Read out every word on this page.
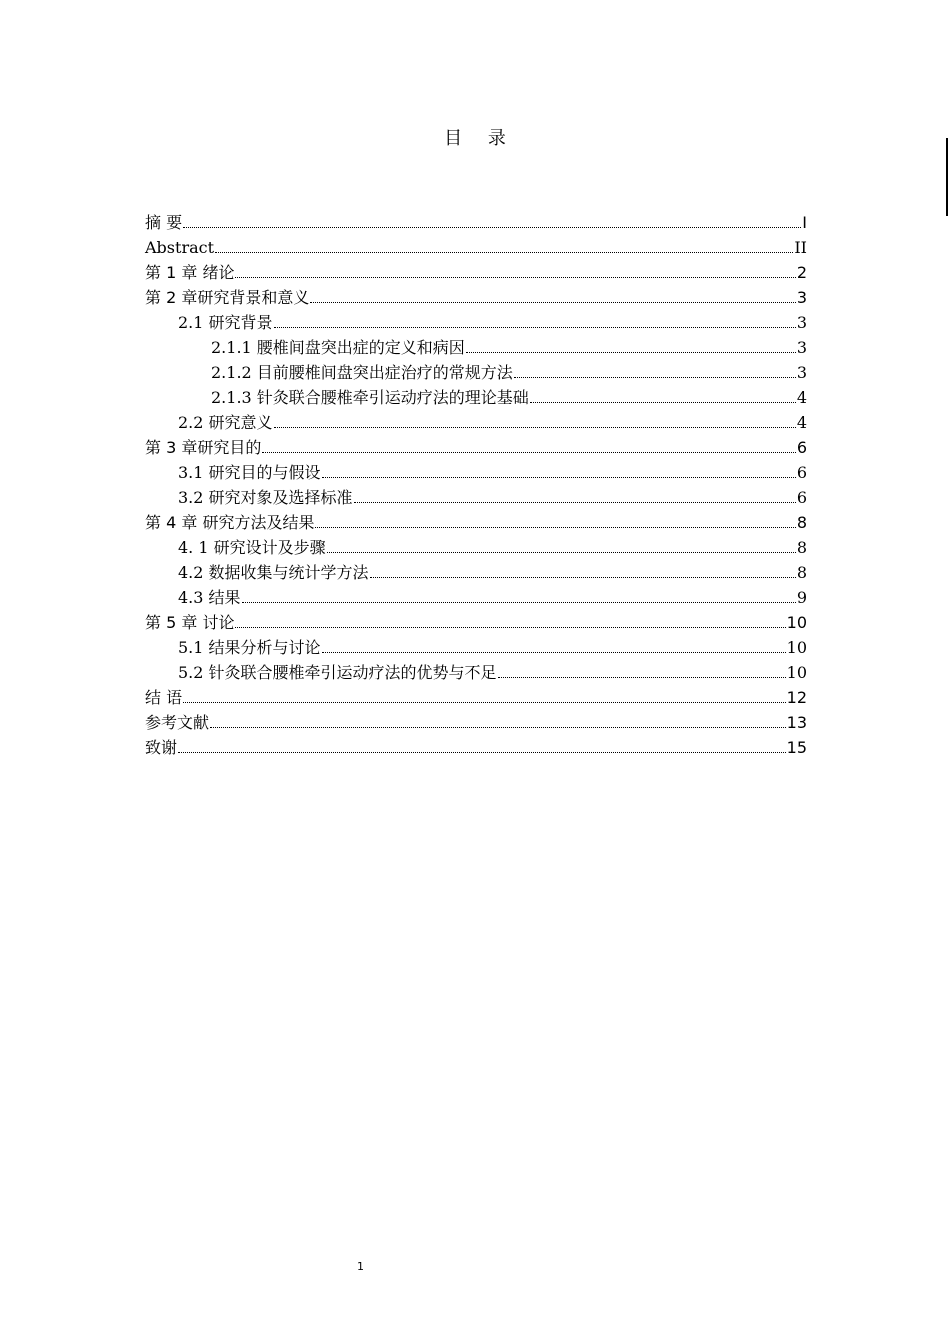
目 录
摘 要	I
Abstract	II
第 1 章 绪论	2
第 2 章研究背景和意义	3
2.1 研究背景	3
2.1.1 腰椎间盘突出症的定义和病因	3
2.1.2 目前腰椎间盘突出症治疗的常规方法	3
2.1.3 针灸联合腰椎牵引运动疗法的理论基础	4
2.2 研究意义	4
第 3 章研究目的	6
3.1 研究目的与假设	6
3.2 研究对象及选择标准	6
第 4 章 研究方法及结果	8
4. 1 研究设计及步骤	8
4.2 数据收集与统计学方法	8
4.3 结果	9
第 5 章 讨论	10
5.1 结果分析与讨论	10
5.2 针灸联合腰椎牵引运动疗法的优势与不足	10
结 语	12
参考文献	13
致谢	15
1
